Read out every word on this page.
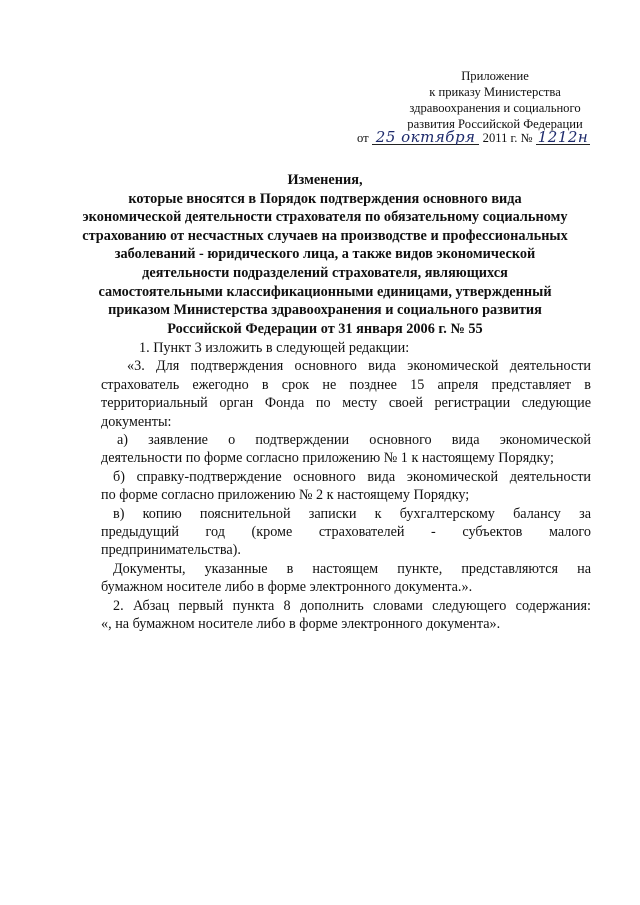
Приложение
к приказу Министерства
здравоохранения и социального
развития Российской Федерации
от 25 октября 2011 г. № 1212н
Изменения,
которые вносятся в Порядок подтверждения основного вида
экономической деятельности страхователя по обязательному социальному
страхованию от несчастных случаев на производстве и профессиональных
заболеваний - юридического лица, а также видов экономической
деятельности подразделений страхователя, являющихся
самостоятельными классификационными единицами, утвержденный
приказом Министерства здравоохранения и социального развития
Российской Федерации от 31 января 2006 г. № 55
1. Пункт 3 изложить в следующей редакции:
«3. Для подтверждения основного вида экономической деятельности
страхователь ежегодно в срок не позднее 15 апреля представляет в
территориальный орган Фонда по месту своей регистрации следующие
документы:
а) заявление о подтверждении основного вида экономической
деятельности по форме согласно приложению № 1 к настоящему Порядку;
б) справку-подтверждение основного вида экономической деятельности
по форме согласно приложению № 2 к настоящему Порядку;
в) копию пояснительной записки к бухгалтерскому балансу за
предыдущий год (кроме страхователей - субъектов малого
предпринимательства).
Документы, указанные в настоящем пункте, представляются на
бумажном носителе либо в форме электронного документа.».
2. Абзац первый пункта 8 дополнить словами следующего содержания:
«, на бумажном носителе либо в форме электронного документа».
